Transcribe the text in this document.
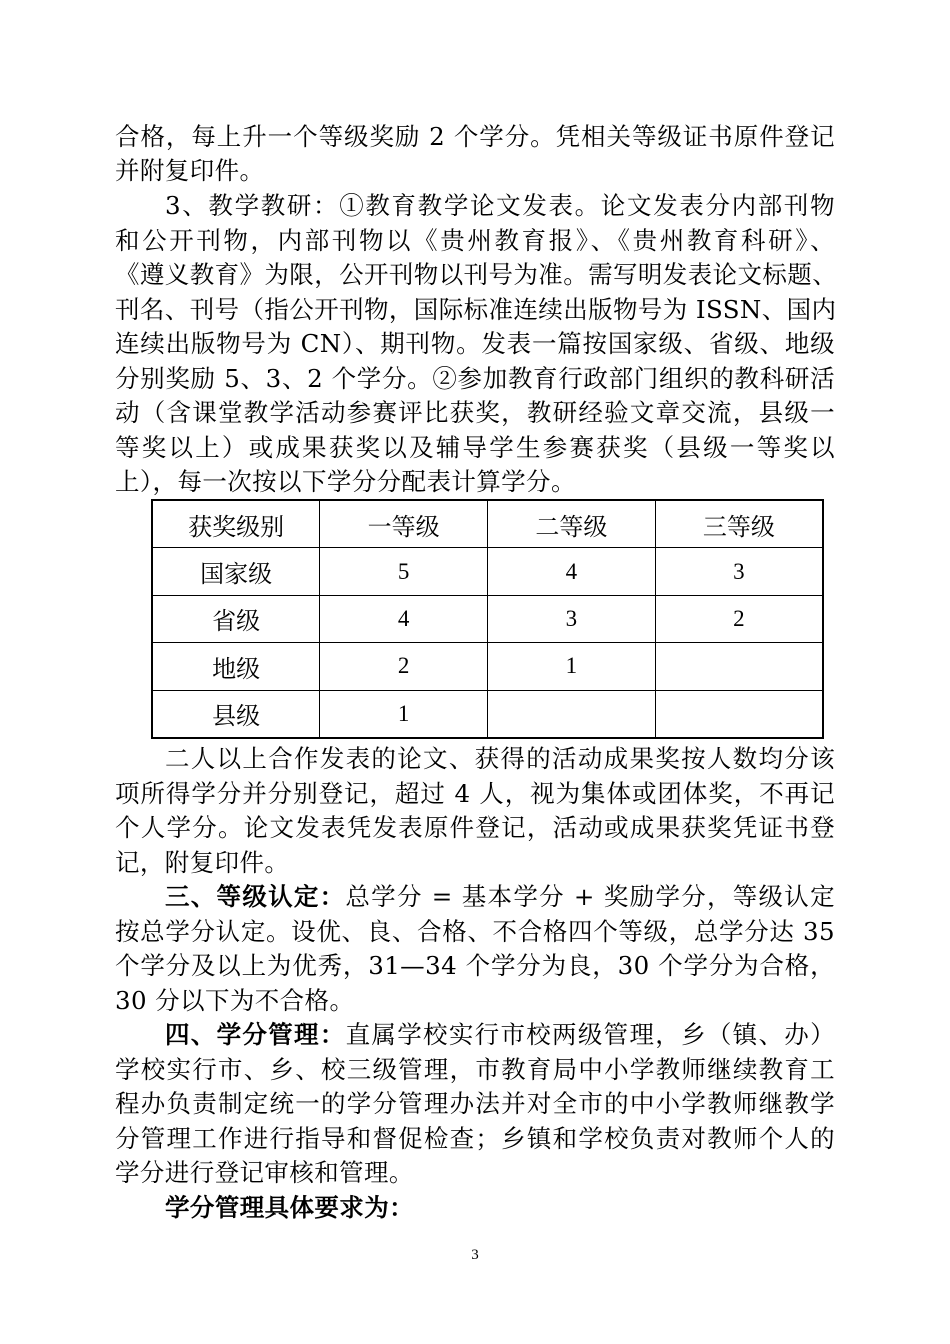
合格，每上升一个等级奖励 2 个学分。凭相关等级证书原件登记
并附复印件。
3、教学教研：①教育教学论文发表。论文发表分内部刊物
和公开刊物，内部刊物以《贵州教育报》、《贵州教育科研》、
《遵义教育》为限，公开刊物以刊号为准。需写明发表论文标题、
刊名、刊号（指公开刊物，国际标准连续出版物号为 ISSN、国内
连续出版物号为 CN）、期刊物。发表一篇按国家级、省级、地级
分别奖励 5、3、2 个学分。②参加教育行政部门组织的教科研活
动（含课堂教学活动参赛评比获奖，教研经验文章交流，县级一
等奖以上）或成果获奖以及辅导学生参赛获奖（县级一等奖以
上），每一次按以下学分分配表计算学分。
获奖级别	一等级	二等级	三等级
国家级	5	4	3
省级	4	3	2
地级	2	1	
县级	1		
二人以上合作发表的论文、获得的活动成果奖按人数均分该
项所得学分并分别登记，超过 4 人，视为集体或团体奖，不再记
个人学分。论文发表凭发表原件登记，活动或成果获奖凭证书登
记，附复印件。
三、等级认定：总学分 = 基本学分 + 奖励学分，等级认定
按总学分认定。设优、良、合格、不合格四个等级，总学分达 35
个学分及以上为优秀，31—34 个学分为良，30 个学分为合格，
30 分以下为不合格。
四、学分管理：直属学校实行市校两级管理，乡（镇、办）
学校实行市、乡、校三级管理，市教育局中小学教师继续教育工
程办负责制定统一的学分管理办法并对全市的中小学教师继教学
分管理工作进行指导和督促检查；乡镇和学校负责对教师个人的
学分进行登记审核和管理。
学分管理具体要求为：
3
